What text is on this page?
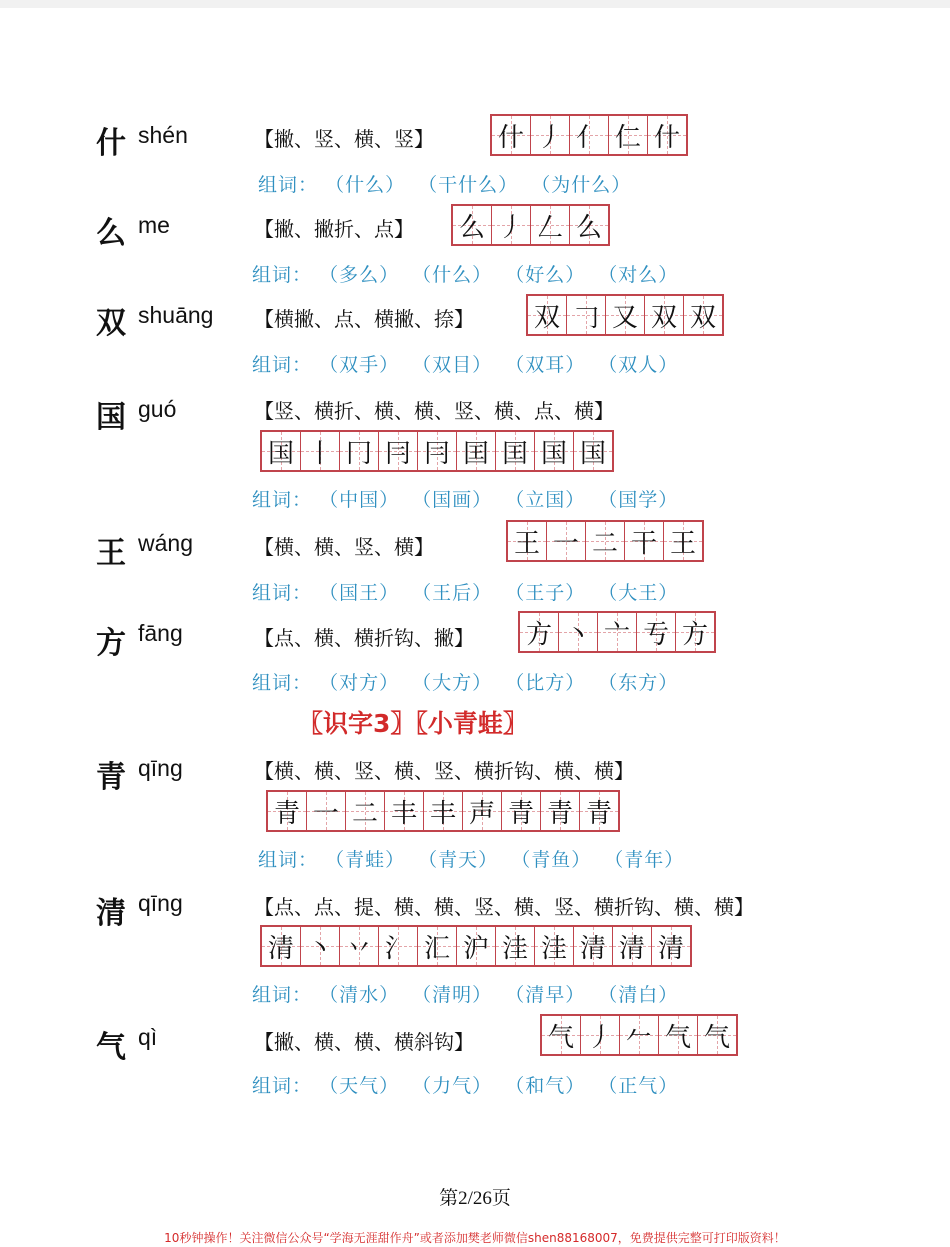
什 shén	【撇、竖、横、竖】 什 丿 亻 仁 什
组词： （什么） （干什么） （为什么）
么 me	【撇、撇折、点】 么 丿 𠃋 么
组词： （多么） （什么） （好么） （对么）
双 shuāng 【横撇、点、横撇、捺】 双 𠃌 又 双 双
组词： （双手） （双目） （双耳） （双人）
国 guó	【竖、横折、横、横、竖、横、点、横】
国 丨 冂 冃 冃 囯 囯 国 国
组词： （中国） （国画） （立国） （国学）
王 wáng	【横、横、竖、横】	王 一 二 干 王
组词： （国王） （王后） （王子） （大王）
方 fāng	【点、横、横折钩、撇】 方 丶 亠 亐 方
组词： （对方） （大方） （比方） （东方）
〖识字3〗〖小青蛙〗
青 qīng	【横、横、竖、横、竖、横折钩、横、横】
青 一 二 丰 丰 声 青 青 青
组词： （青蛙） （青天） （青鱼） （青年）
清 qīng	【点、点、提、横、横、竖、横、竖、横折钩、横、横】
清 丶 丷 氵 汇 沪 洼 洼 清 清 清
组词： （清水） （清明） （清早） （清白）
气 qì	【撇、横、横、横斜钩】	气 丿 𠂉 气 气
组词： （天气） （力气） （和气） （正气）
第2/26页
10秒钟操作！关注微信公众号“学海无涯甜作舟”或者添加樊老师微信shen88168007，免费提供完整可打印版资料！
